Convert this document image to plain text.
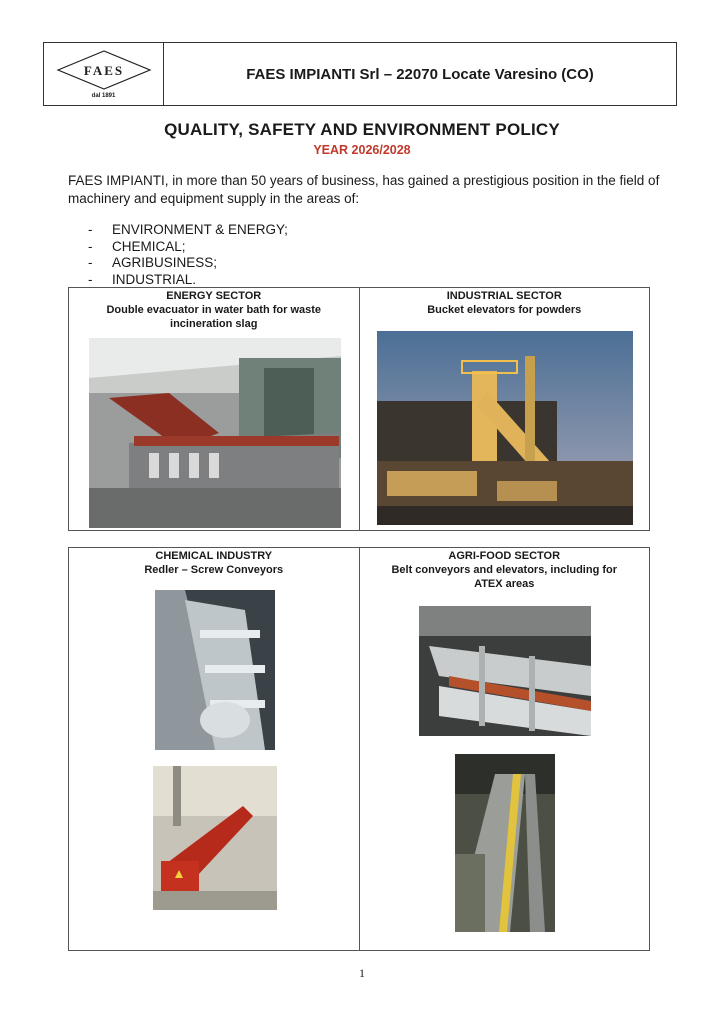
FAES
dal 1891
FAES IMPIANTI Srl – 22070 Locate Varesino (CO)
QUALITY, SAFETY AND ENVIRONMENT POLICY
YEAR 2026/2028

FAES IMPIANTI, in more than 50 years of business, has gained a prestigious position in the field of machinery and equipment supply in the areas of:

-	ENVIRONMENT & ENERGY;
-	CHEMICAL;
-	AGRIBUSINESS;
-	INDUSTRIAL.
ENERGY SECTOR
Double evacuator in water bath for waste incineration slag
INDUSTRIAL SECTOR
Bucket elevators for powders
CHEMICAL INDUSTRY
Redler – Screw Conveyors
AGRI-FOOD SECTOR
Belt conveyors and elevators, including for ATEX areas
1
